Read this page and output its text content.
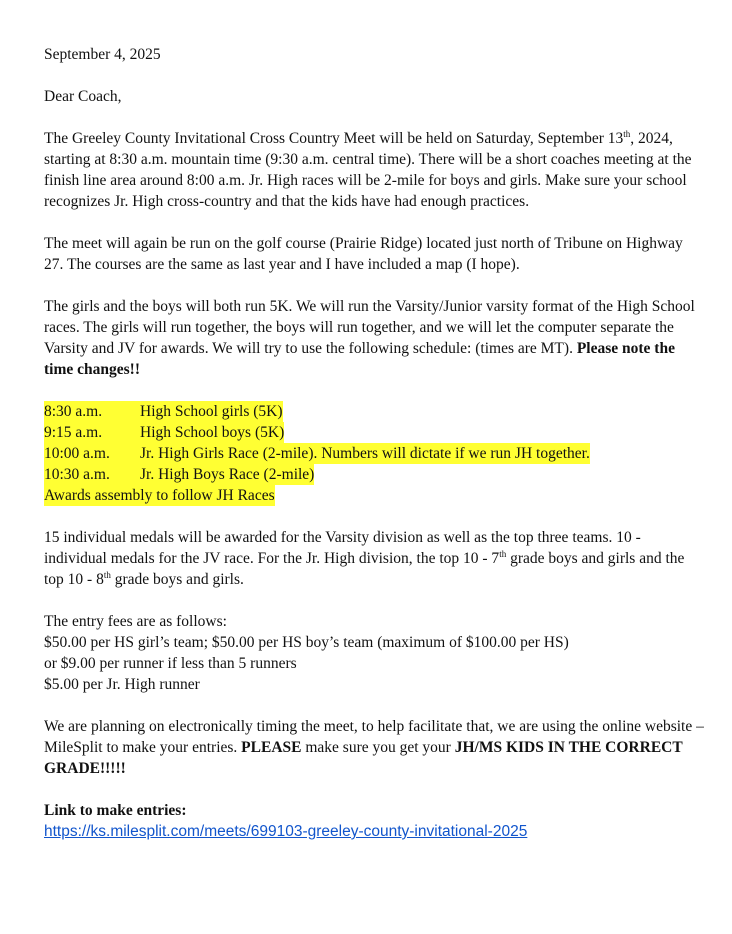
September 4, 2025

Dear Coach,

The Greeley County Invitational Cross Country Meet will be held on Saturday, September 13th, 2024, starting at 8:30 a.m. mountain time (9:30 a.m. central time). There will be a short coaches meeting at the finish line area around 8:00 a.m. Jr. High races will be 2-mile for boys and girls. Make sure your school recognizes Jr. High cross-country and that the kids have had enough practices.

The meet will again be run on the golf course (Prairie Ridge) located just north of Tribune on Highway 27. The courses are the same as last year and I have included a map (I hope).

The girls and the boys will both run 5K. We will run the Varsity/Junior varsity format of the High School races. The girls will run together, the boys will run together, and we will let the computer separate the Varsity and JV for awards. We will try to use the following schedule: (times are MT). Please note the time changes!!

8:30 a.m. High School girls (5K)
9:15 a.m. High School boys (5K)
10:00 a.m. Jr. High Girls Race (2-mile). Numbers will dictate if we run JH together.
10:30 a.m. Jr. High Boys Race (2-mile)
Awards assembly to follow JH Races

15 individual medals will be awarded for the Varsity division as well as the top three teams. 10 - individual medals for the JV race. For the Jr. High division, the top 10 - 7th grade boys and girls and the top 10 - 8th grade boys and girls.

The entry fees are as follows:

$50.00 per HS girl’s team; $50.00 per HS boy’s team (maximum of $100.00 per HS)

or $9.00 per runner if less than 5 runners

$5.00 per Jr. High runner

We are planning on electronically timing the meet, to help facilitate that, we are using the online website – MileSplit to make your entries. PLEASE make sure you get your JH/MS KIDS IN THE CORRECT GRADE!!!!!

Link to make entries:

https://ks.milesplit.com/meets/699103-greeley-county-invitational-2025
